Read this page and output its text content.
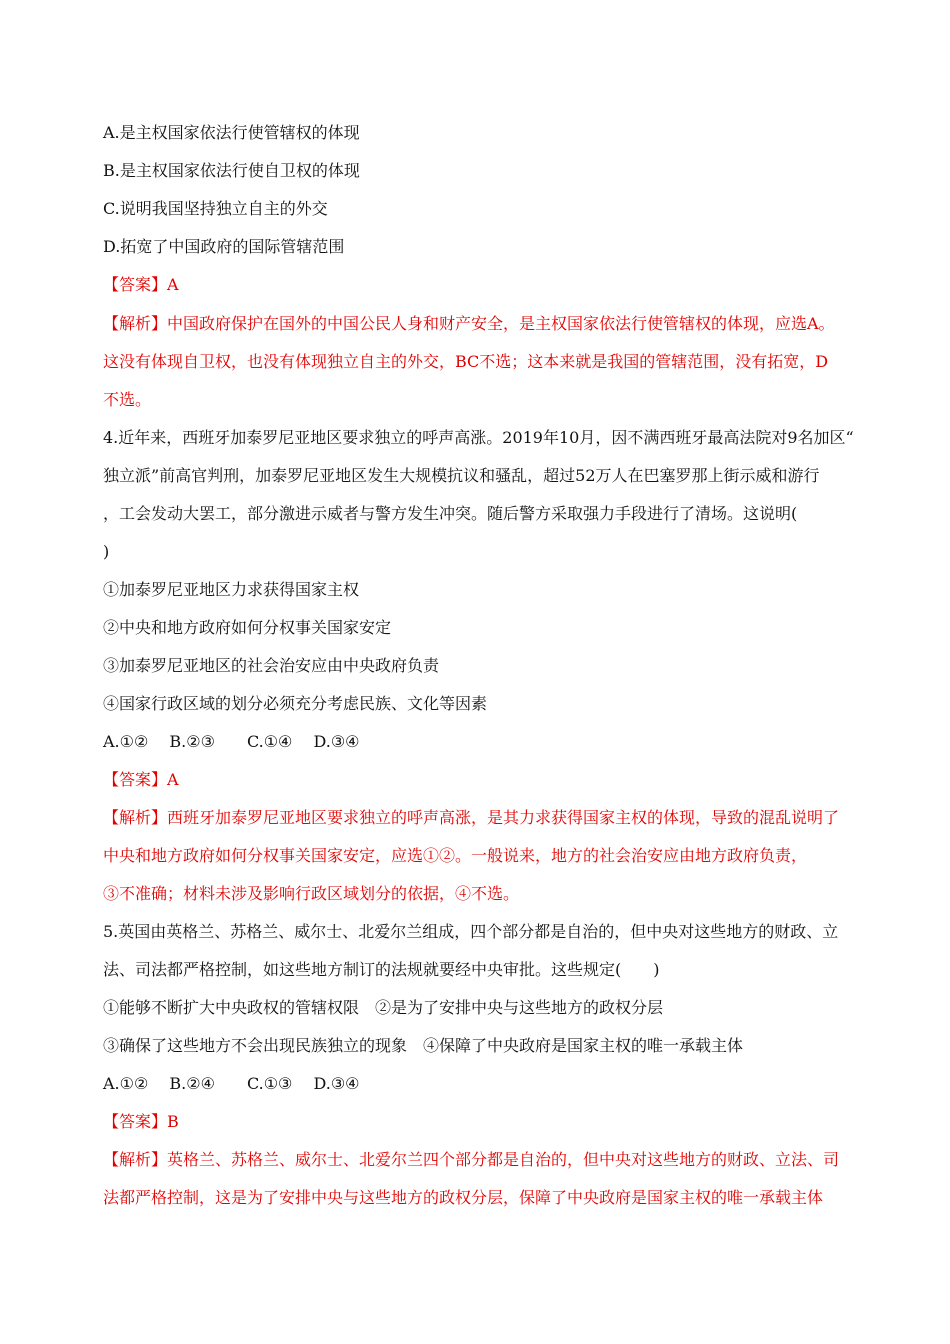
A.是主权国家依法行使管辖权的体现
B.是主权国家依法行使自卫权的体现
C.说明我国坚持独立自主的外交
D.拓宽了中国政府的国际管辖范围
【答案】A
【解析】中国政府保护在国外的中国公民人身和财产安全，是主权国家依法行使管辖权的体现，应选A。
这没有体现自卫权，也没有体现独立自主的外交，BC不选；这本来就是我国的管辖范围，没有拓宽，D
不选。
4.近年来，西班牙加泰罗尼亚地区要求独立的呼声高涨。2019年10月，因不满西班牙最高法院对9名加区“
独立派”前高官判刑，加泰罗尼亚地区发生大规模抗议和骚乱，超过52万人在巴塞罗那上街示威和游行
，工会发动大罢工，部分激进示威者与警方发生冲突。随后警方采取强力手段进行了清场。这说明(
)
①加泰罗尼亚地区力求获得国家主权
②中央和地方政府如何分权事关国家安定
③加泰罗尼亚地区的社会治安应由中央政府负责
④国家行政区域的划分必须充分考虑民族、文化等因素
A.①②　 B.②③　　C.①④　 D.③④
【答案】A
【解析】西班牙加泰罗尼亚地区要求独立的呼声高涨，是其力求获得国家主权的体现，导致的混乱说明了
中央和地方政府如何分权事关国家安定，应选①②。一般说来，地方的社会治安应由地方政府负责，
③不准确；材料未涉及影响行政区域划分的依据，④不选。
5.英国由英格兰、苏格兰、威尔士、北爱尔兰组成，四个部分都是自治的，但中央对这些地方的财政、立
法、司法都严格控制，如这些地方制订的法规就要经中央审批。这些规定(　　)
①能够不断扩大中央政权的管辖权限　②是为了安排中央与这些地方的政权分层
③确保了这些地方不会出现民族独立的现象　④保障了中央政府是国家主权的唯一承载主体
A.①②　 B.②④　　C.①③　 D.③④
【答案】B
【解析】英格兰、苏格兰、威尔士、北爱尔兰四个部分都是自治的，但中央对这些地方的财政、立法、司
法都严格控制，这是为了安排中央与这些地方的政权分层，保障了中央政府是国家主权的唯一承载主体
